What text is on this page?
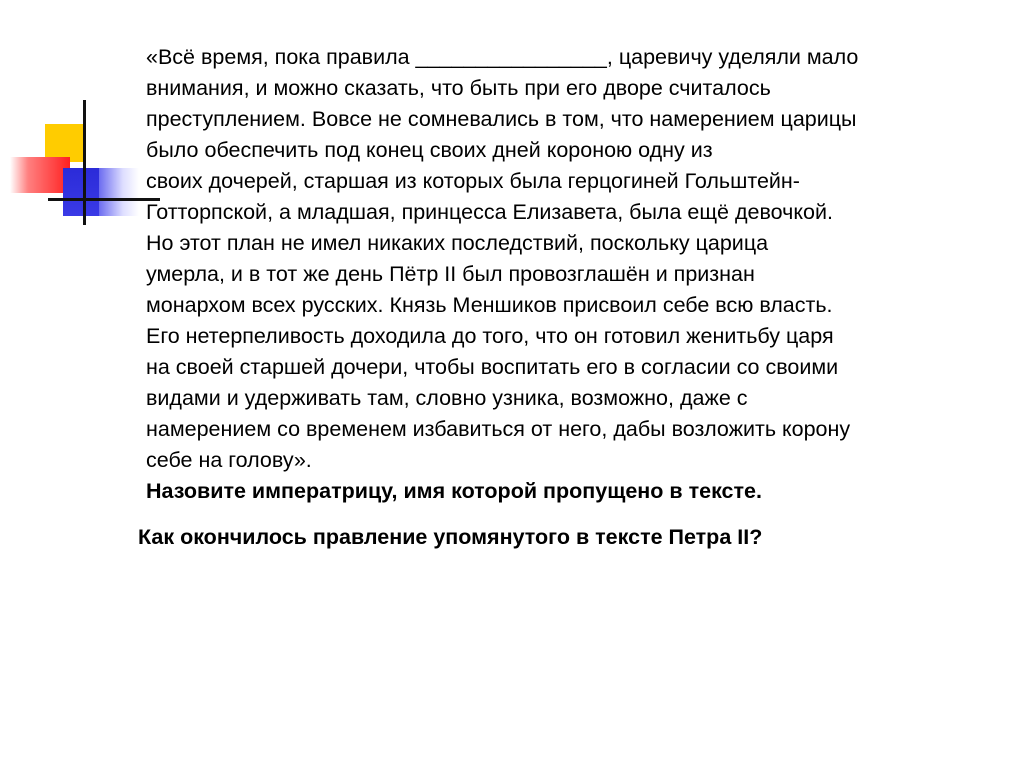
«Всё время, пока правила ________________, царевичу уделяли мало
внимания, и можно сказать, что быть при его дворе считалось
преступлением. Вовсе не сомневались в том, что намерением царицы
было обеспечить под конец своих дней короною одну из
своих дочерей, старшая из которых была герцогиней Гольштейн-
Готторпской, а младшая, принцесса Елизавета, была ещё девочкой.
Но этот план не имел никаких последствий, поскольку царица
умерла, и в тот же день Пётр II был провозглашён и признан
монархом всех русских. Князь Меншиков присвоил себе всю власть.
Его нетерпеливость доходила до того, что он готовил женитьбу царя
на своей старшей дочери, чтобы воспитать его в согласии со своими
видами и удерживать там, словно узника, возможно, даже с
намерением со временем избавиться от него, дабы возложить корону
себе на голову».

Назовите императрицу, имя которой пропущено в тексте.

Как окончилось правление упомянутого в тексте Петра II?
